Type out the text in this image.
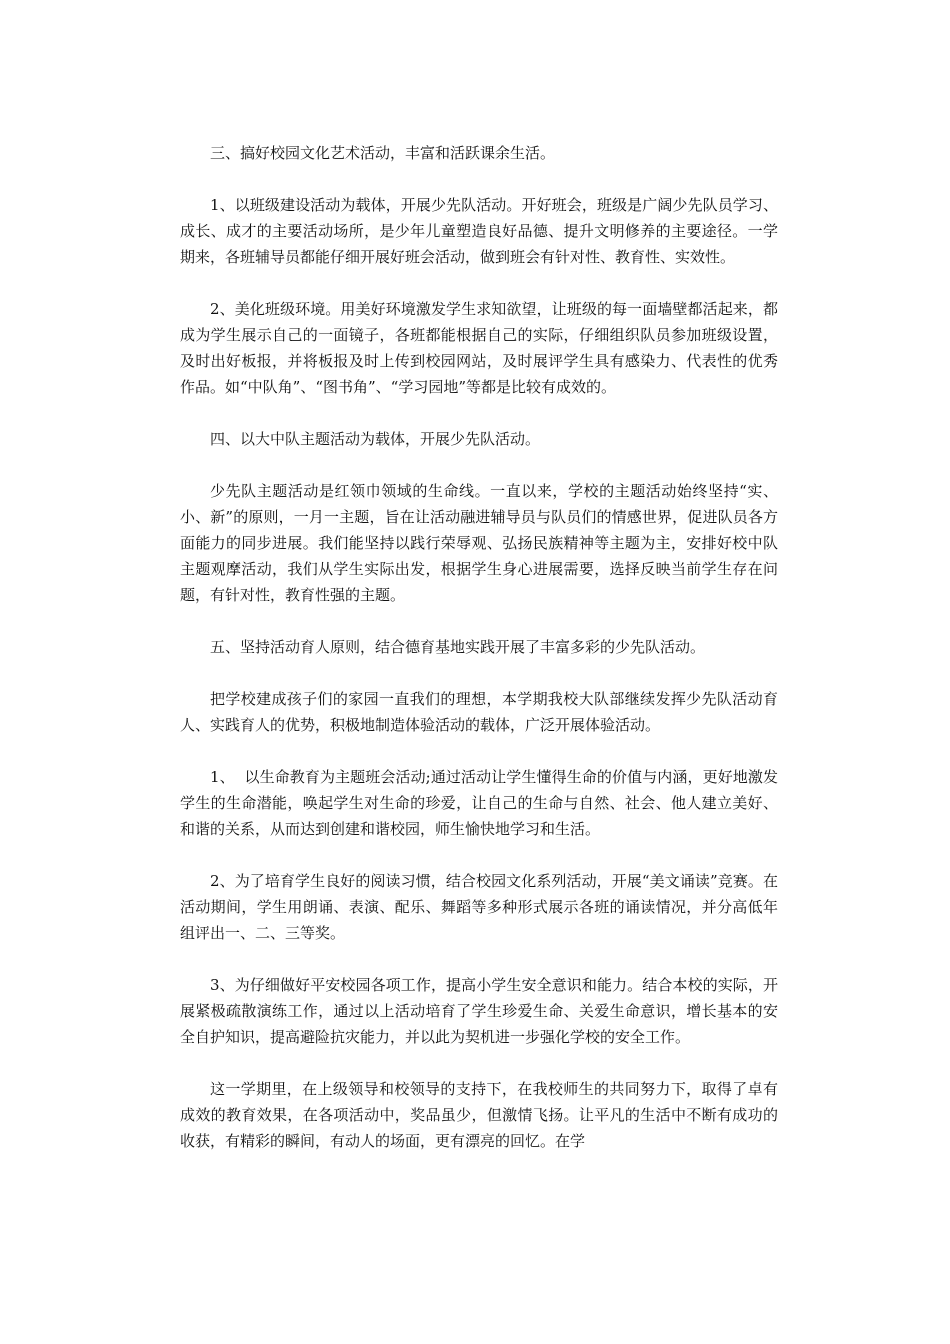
三、搞好校园文化艺术活动，丰富和活跃课余生活。

1、以班级建设活动为载体，开展少先队活动。开好班会，班级是广阔少先队员学习、成长、成才的主要活动场所，是少年儿童塑造良好品德、提升文明修养的主要途径。一学期来，各班辅导员都能仔细开展好班会活动，做到班会有针对性、教育性、实效性。

2、美化班级环境。用美好环境激发学生求知欲望，让班级的每一面墙壁都活起来，都成为学生展示自己的一面镜子，各班都能根据自己的实际，仔细组织队员参加班级设置，及时出好板报，并将板报及时上传到校园网站，及时展评学生具有感染力、代表性的优秀作品。如“中队角”、“图书角”、“学习园地”等都是比较有成效的。

四、以大中队主题活动为载体，开展少先队活动。

少先队主题活动是红领巾领域的生命线。一直以来，学校的主题活动始终坚持“实、小、新”的原则，一月一主题，旨在让活动融进辅导员与队员们的情感世界，促进队员各方面能力的同步进展。我们能坚持以践行荣辱观、弘扬民族精神等主题为主，安排好校中队主题观摩活动，我们从学生实际出发，根据学生身心进展需要，选择反映当前学生存在问题，有针对性，教育性强的主题。

五、坚持活动育人原则，结合德育基地实践开展了丰富多彩的少先队活动。

把学校建成孩子们的家园一直我们的理想，本学期我校大队部继续发挥少先队活动育人、实践育人的优势，积极地制造体验活动的载体，广泛开展体验活动。

1、  以生命教育为主题班会活动;通过活动让学生懂得生命的价值与内涵，更好地激发学生的生命潜能，唤起学生对生命的珍爱，让自己的生命与自然、社会、他人建立美好、和谐的关系，从而达到创建和谐校园，师生愉快地学习和生活。

2、为了培育学生良好的阅读习惯，结合校园文化系列活动，开展“美文诵读”竞赛。在活动期间，学生用朗诵、表演、配乐、舞蹈等多种形式展示各班的诵读情况，并分高低年组评出一、二、三等奖。

3、为仔细做好平安校园各项工作，提高小学生安全意识和能力。结合本校的实际，开展紧极疏散演练工作，通过以上活动培育了学生珍爱生命、关爱生命意识，增长基本的安全自护知识，提高避险抗灾能力，并以此为契机进一步强化学校的安全工作。

这一学期里，在上级领导和校领导的支持下，在我校师生的共同努力下，取得了卓有成效的教育效果，在各项活动中，奖品虽少，但激情飞扬。让平凡的生活中不断有成功的收获，有精彩的瞬间，有动人的场面，更有漂亮的回忆。在学
